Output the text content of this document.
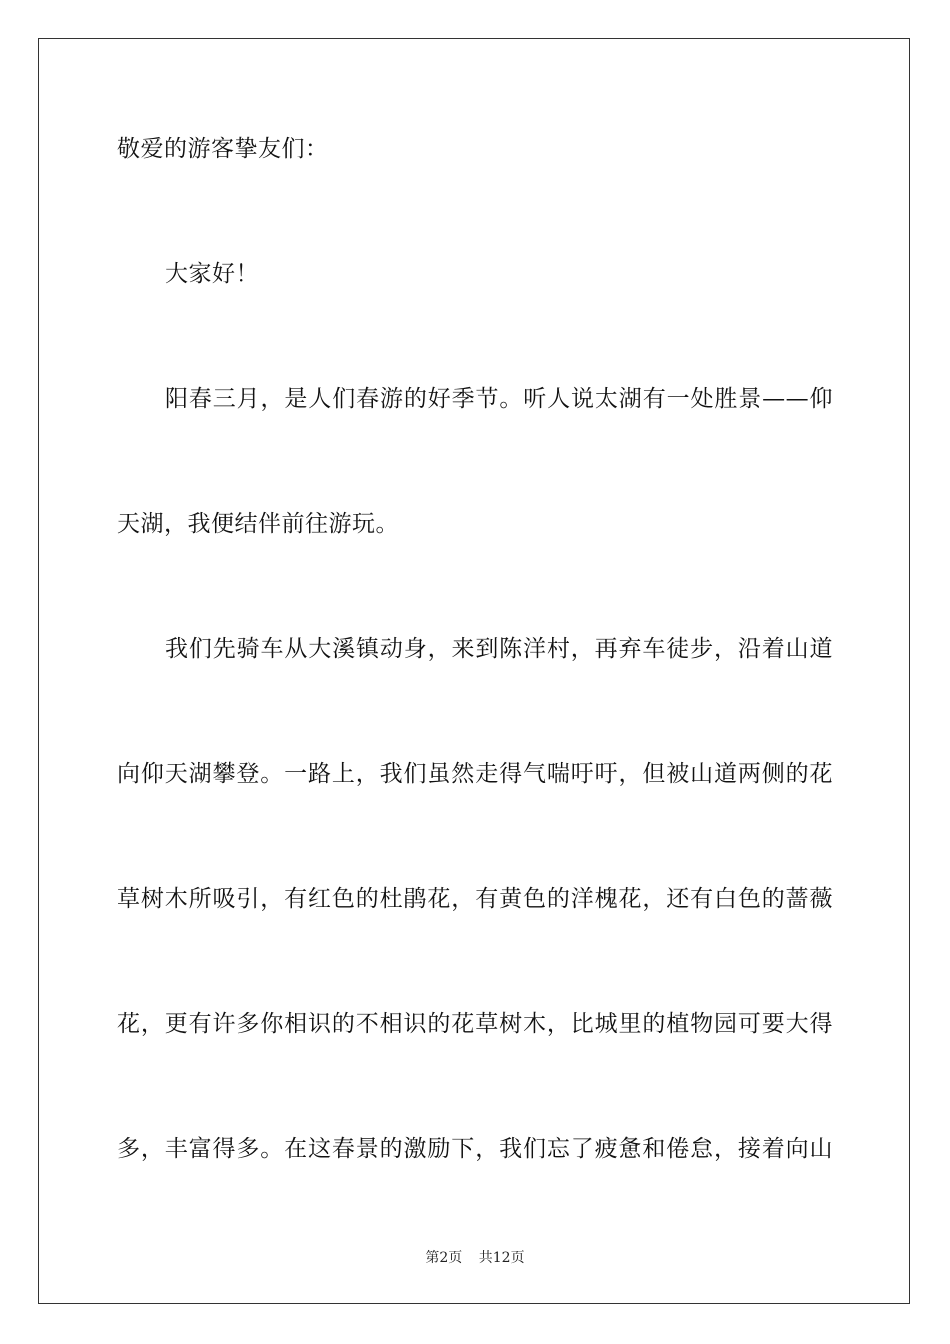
敬爱的游客挚友们：
大家好！
阳春三月，是人们春游的好季节。听人说太湖有一处胜景——仰
天湖，我便结伴前往游玩。
我们先骑车从大溪镇动身，来到陈洋村，再弃车徒步，沿着山道
向仰天湖攀登。一路上，我们虽然走得气喘吁吁，但被山道两侧的花
草树木所吸引，有红色的杜鹃花，有黄色的洋槐花，还有白色的蔷薇
花，更有许多你相识的不相识的花草树木，比城里的植物园可要大得
多，丰富得多。在这春景的激励下，我们忘了疲惫和倦怠，接着向山
第2页 共12页
